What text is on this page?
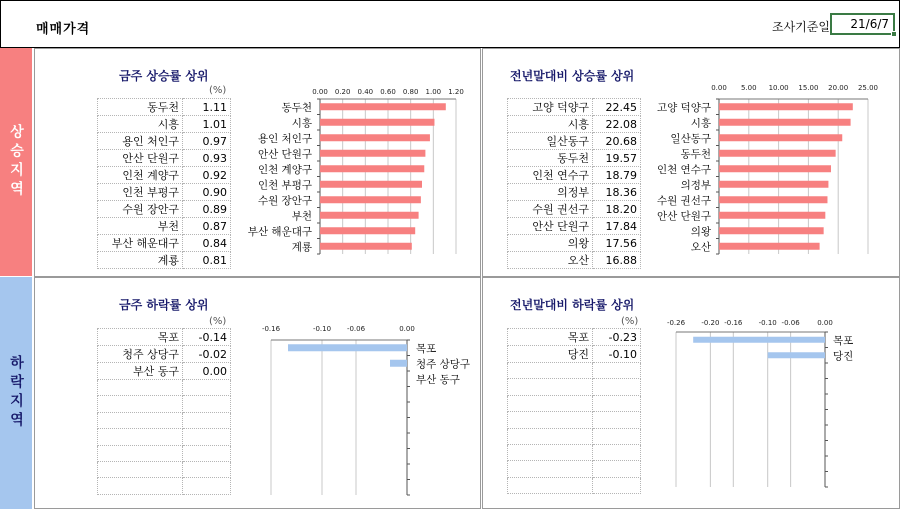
매매가격	조사기준일	21/6/7
상승지역
하락지역
금주 상승률 상위
(%)
동두천	1.11
시흥	1.01
용인 처인구	0.97
안산 단원구	0.93
인천 계양구	0.92
인천 부평구	0.90
수원 장안구	0.89
부천	0.87
부산 해운대구	0.84
계룡	0.81
0.00 0.20 0.40 0.60 0.80 1.00 1.20
동두천
시흥
용인 처인구
안산 단원구
인천 계양구
인천 부평구
수원 장안구
부천
부산 해운대구
계룡
전년말대비 상승률 상위
고양 덕양구	22.45
시흥	22.08
일산동구	20.68
동두천	19.57
인천 연수구	18.79
의정부	18.36
수원 권선구	18.20
안산 단원구	17.84
의왕	17.56
오산	16.88
0.00 5.00 10.00 15.00 20.00 25.00
고양 덕양구
시흥
일산동구
동두천
인천 연수구
의정부
수원 권선구
안산 단원구
의왕
오산
금주 하락률 상위
(%)
목포	-0.14
청주 상당구	-0.02
부산 동구	0.00

-0.16	-0.10 -0.06	0.00
목포
청주 상당구
부산 동구
전년말대비 하락률 상위
(%)
목포	-0.23
당진	-0.10

-0.26 -0.20 -0.16 -0.10 -0.06	0.00
목포
당진
